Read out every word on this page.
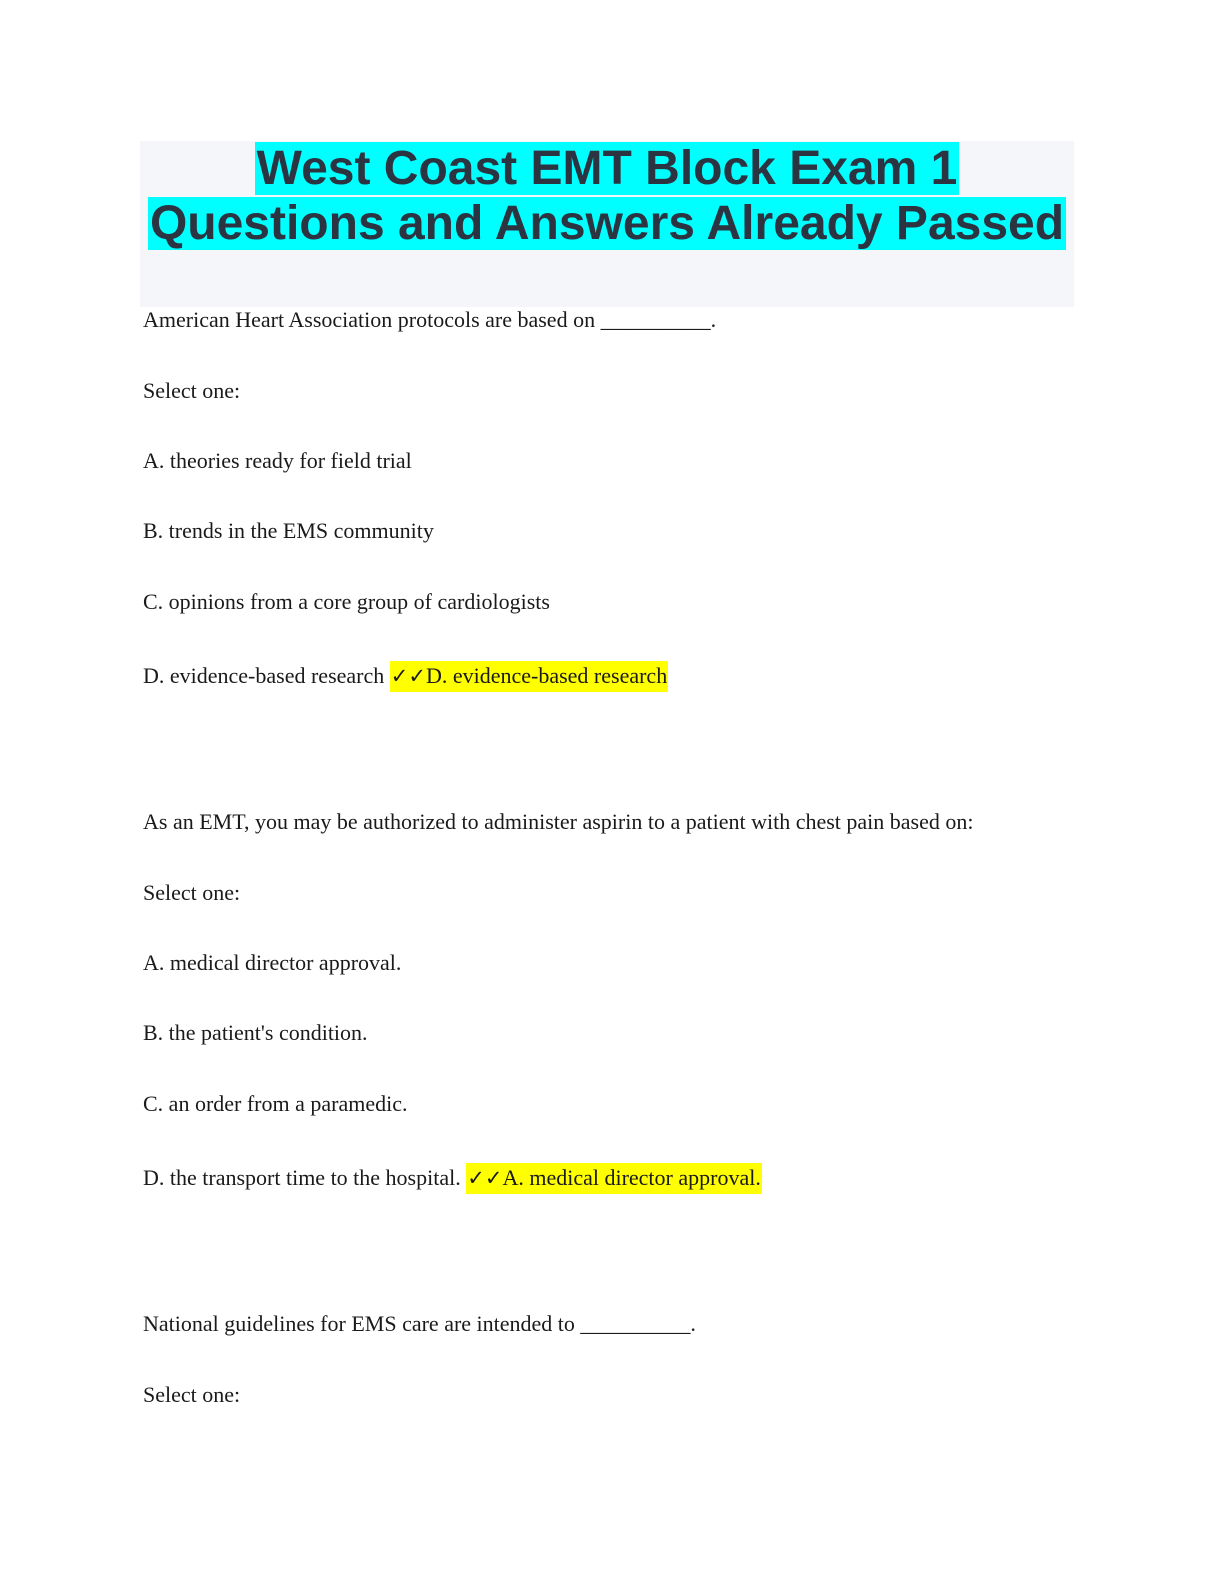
West Coast EMT Block Exam 1
Questions and Answers Already Passed

American Heart Association protocols are based on __________.

Select one:

A. theories ready for field trial

B. trends in the EMS community

C. opinions from a core group of cardiologists

D. evidence-based research ✓✓D. evidence-based research

As an EMT, you may be authorized to administer aspirin to a patient with chest pain based on:

Select one:

A. medical director approval.

B. the patient's condition.

C. an order from a paramedic.

D. the transport time to the hospital. ✓✓A. medical director approval.

National guidelines for EMS care are intended to __________.

Select one:
